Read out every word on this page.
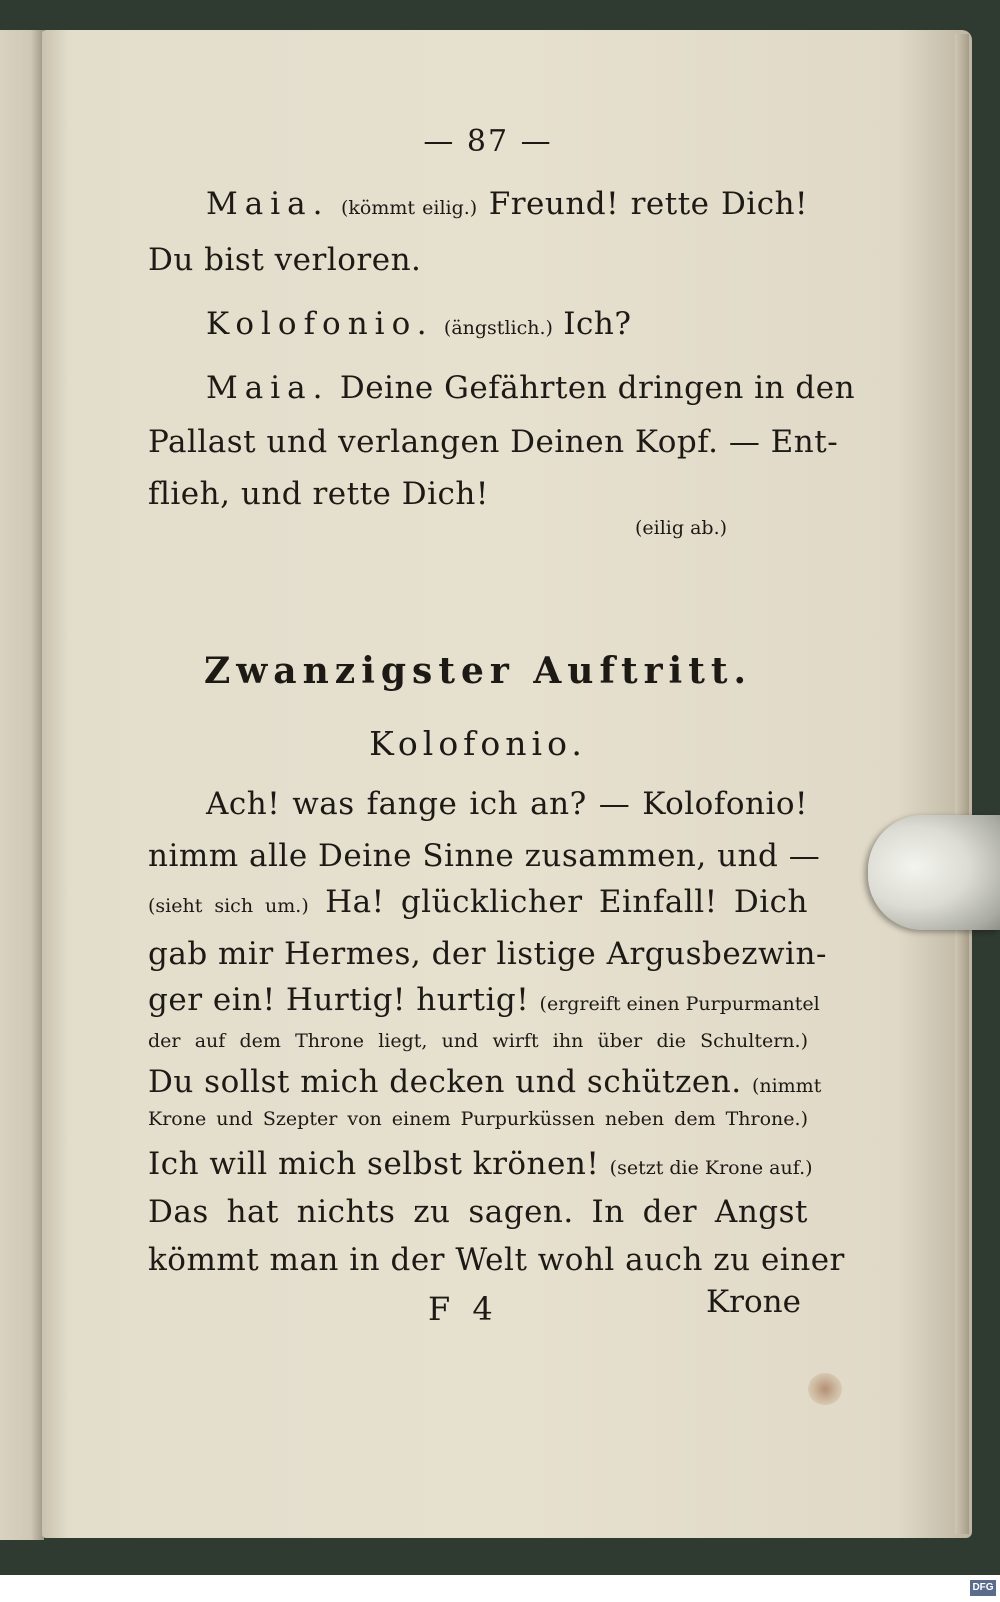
— 87 —
Maia. (kömmt eilig.) Freund! rette Dich!
Du bist verloren.
Kolofonio. (ängstlich.) Ich?
Maia. Deine Gefährten dringen in den
Pallast und verlangen Deinen Kopf. — Ent-
flieh, und rette Dich!
(eilig ab.)
Zwanzigster Auftritt.
Kolofonio.
Ach! was fange ich an? — Kolofonio!
nimm alle Deine Sinne zusammen, und —
(sieht sich um.) Ha! glücklicher Einfall! Dich
gab mir Hermes, der listige Argusbezwin-
ger ein! Hurtig! hurtig! (ergreift einen Purpurmantel
der auf dem Throne liegt, und wirft ihn über die Schultern.)
Du sollst mich decken und schützen. (nimmt
Krone und Szepter von einem Purpurküssen neben dem Throne.)
Ich will mich selbst krönen! (setzt die Krone auf.)
Das hat nichts zu sagen. In der Angst
kömmt man in der Welt wohl auch zu einer
F 4	Krone
Digitalisierung gefördert durch die Deutsche Forschungsgemeinschaft DFG
